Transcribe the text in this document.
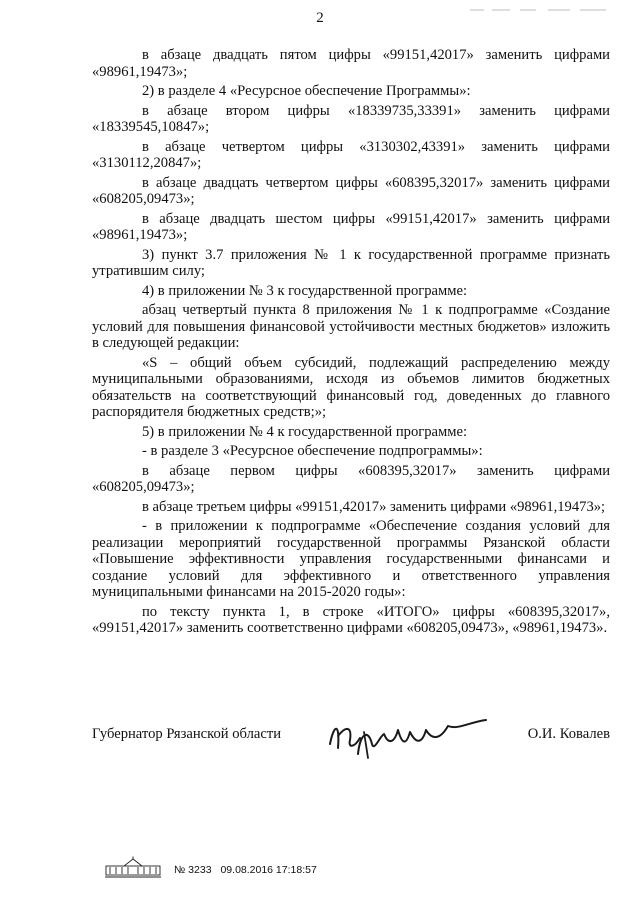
2

в абзаце двадцать пятом цифры «99151,42017» заменить цифрами «98961,19473»;

2) в разделе 4 «Ресурсное обеспечение Программы»:

в абзаце втором цифры «18339735,33391» заменить цифрами «18339545,10847»;

в абзаце четвертом цифры «3130302,43391» заменить цифрами «3130112,20847»;

в абзаце двадцать четвертом цифры «608395,32017» заменить цифрами «608205,09473»;

в абзаце двадцать шестом цифры «99151,42017» заменить цифрами «98961,19473»;

3) пункт 3.7 приложения № 1 к государственной программе признать утратившим силу;

4) в приложении № 3 к государственной программе:

абзац четвертый пункта 8 приложения № 1 к подпрограмме «Создание условий для повышения финансовой устойчивости местных бюджетов» изложить в следующей редакции:

«S – общий объем субсидий, подлежащий распределению между муниципальными образованиями, исходя из объемов лимитов бюджетных обязательств на соответствующий финансовый год, доведенных до главного распорядителя бюджетных средств;»;

5) в приложении № 4 к государственной программе:

- в разделе 3 «Ресурсное обеспечение подпрограммы»:

в абзаце первом цифры «608395,32017» заменить цифрами «608205,09473»;

в абзаце третьем цифры «99151,42017» заменить цифрами «98961,19473»;

- в приложении к подпрограмме «Обеспечение создания условий для реализации мероприятий государственной программы Рязанской области «Повышение эффективности управления государственными финансами и создание условий для эффективного и ответственного управления муниципальными финансами на 2015-2020 годы»:

по тексту пункта 1, в строке «ИТОГО» цифры «608395,32017», «99151,42017» заменить соответственно цифрами «608205,09473», «98961,19473».

Губернатор Рязанской области	О.И. Ковалев
№ 3233 09.08.2016 17:18:57
